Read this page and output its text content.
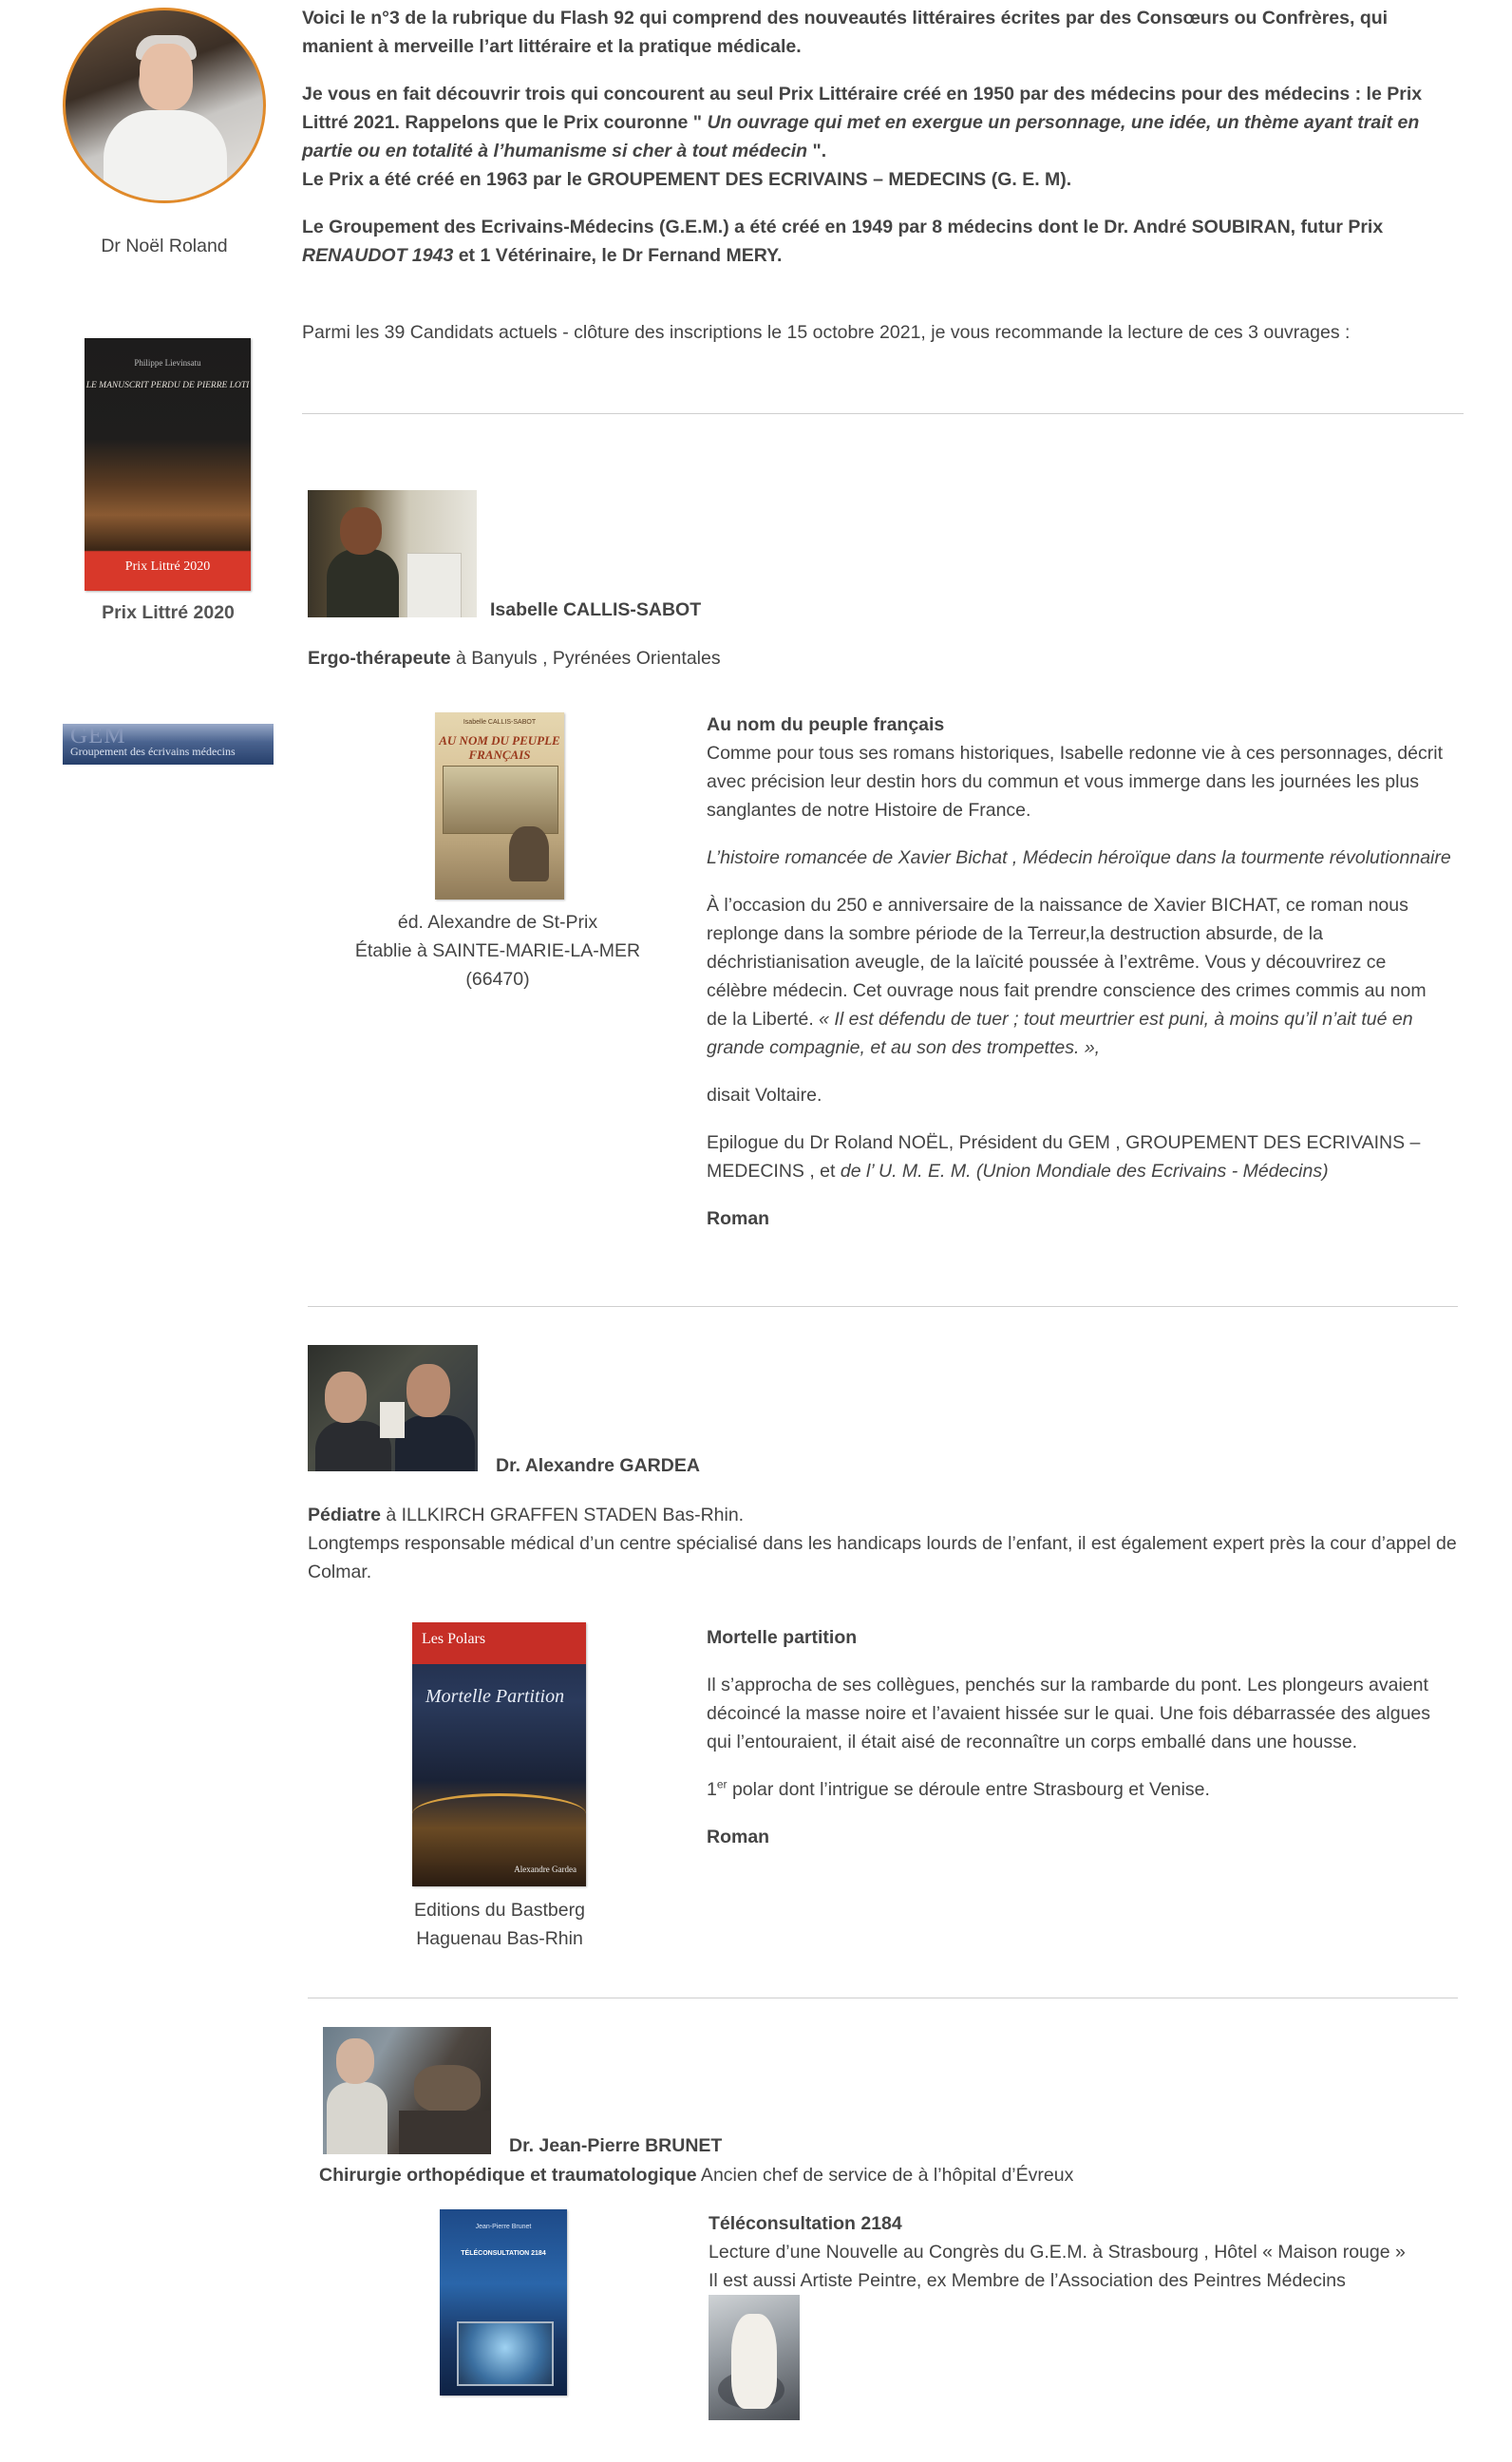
Dr Noël Roland
Philippe Lievinsatu
LE MANUSCRIT PERDU DE PIERRE LOTI
Prix Littré 2020
Prix Littré 2020
GEM
Groupement des écrivains médecins

Voici le n°3 de la rubrique du Flash 92 qui comprend des nouveautés littéraires écrites par des Consœurs ou Confrères, qui manient à merveille l’art littéraire et la pratique médicale.

Je vous en fait découvrir trois qui concourent au seul Prix Littéraire créé en 1950 par des médecins pour des médecins : le Prix Littré 2021. Rappelons que le Prix couronne " Un ouvrage qui met en exergue un personnage, une idée, un thème ayant trait en partie ou en totalité à l’humanisme si cher à tout médecin ".
Le Prix a été créé en 1963 par le GROUPEMENT DES ECRIVAINS – MEDECINS (G. E. M).

Le Groupement des Ecrivains-Médecins (G.E.M.) a été créé en 1949 par 8 médecins dont le Dr. André SOUBIRAN, futur Prix RENAUDOT 1943 et 1 Vétérinaire, le Dr Fernand MERY.

Parmi les 39 Candidats actuels - clôture des inscriptions le 15 octobre 2021, je vous recommande la lecture de ces 3 ouvrages :

Isabelle CALLIS-SABOT

Ergo-thérapeute à Banyuls , Pyrénées Orientales

Isabelle CALLIS-SABOT
AU NOM DU PEUPLE FRANÇAIS
éd. Alexandre de St-Prix
Établie à SAINTE-MARIE-LA-MER
(66470)

Au nom du peuple français

Comme pour tous ses romans historiques, Isabelle redonne vie à ces personnages, décrit avec précision leur destin hors du commun et vous immerge dans les journées les plus sanglantes de notre Histoire de France.

L’histoire romancée de Xavier Bichat , Médecin héroïque dans la tourmente révolutionnaire

À l’occasion du 250 e anniversaire de la naissance de Xavier BICHAT, ce roman nous replonge dans la sombre période de la Terreur,la destruction absurde, de la déchristianisation aveugle, de la laïcité poussée à l’extrême. Vous y découvrirez ce célèbre médecin. Cet ouvrage nous fait prendre conscience des crimes commis au nom de la Liberté. « Il est défendu de tuer ; tout meurtrier est puni, à moins qu’il n’ait tué en grande compagnie, et au son des trompettes. »,

disait Voltaire.

Epilogue du Dr Roland NOËL, Président du GEM , GROUPEMENT DES ECRIVAINS – MEDECINS , et de l’ U. M. E. M. (Union Mondiale des Ecrivains - Médecins)

Roman

Dr. Alexandre GARDEA

Pédiatre à ILLKIRCH GRAFFEN STADEN Bas-Rhin.
Longtemps responsable médical d’un centre spécialisé dans les handicaps lourds de l’enfant, il est également expert près la cour d’appel de Colmar.

Les Polars
Mortelle Partition
Alexandre Gardea
Editions du Bastberg
Haguenau Bas-Rhin

Mortelle partition

Il s’approcha de ses collègues, penchés sur la rambarde du pont. Les plongeurs avaient décoincé la masse noire et l’avaient hissée sur le quai. Une fois débarrassée des algues qui l’entouraient, il était aisé de reconnaître un corps emballé dans une housse.

1er polar dont l’intrigue se déroule entre Strasbourg et Venise.

Roman

Dr. Jean-Pierre BRUNET

Chirurgie orthopédique et traumatologique Ancien chef de service de à l’hôpital d’Évreux

Jean-Pierre Brunet
TÉLÉCONSULTATION 2184

Téléconsultation 2184

Lecture d’une Nouvelle au Congrès du G.E.M. à Strasbourg , Hôtel « Maison rouge »

Il est aussi Artiste Peintre, ex Membre de l’Association des Peintres Médecins
